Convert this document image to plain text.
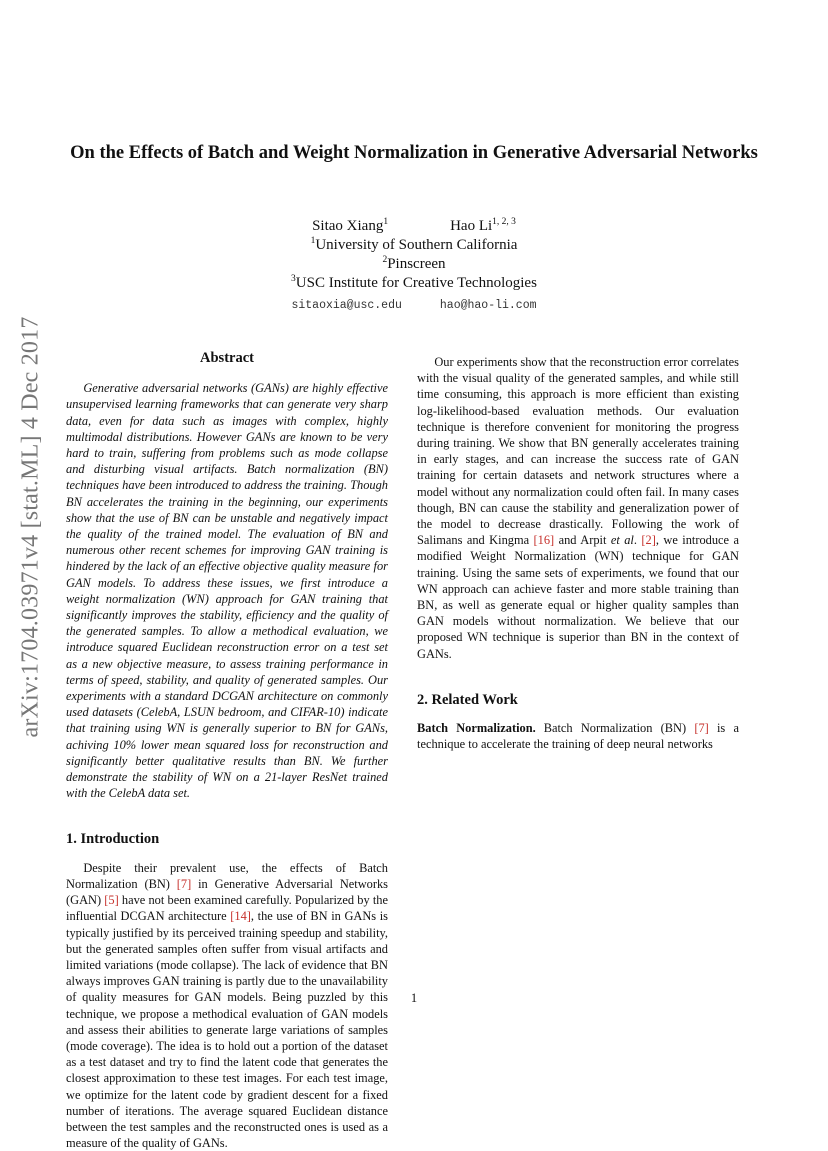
arXiv:1704.03971v4 [stat.ML] 4 Dec 2017
On the Effects of Batch and Weight Normalization in Generative Adversarial Networks
Sitao Xiang$^1$	Hao Li$^{1, 2, 3}$
$^1$University of Southern California
$^2$Pinscreen
$^3$USC Institute for Creative Technologies
sitaoxia@usc.edu	hao@hao-li.com
Abstract

Generative adversarial networks (GANs) are highly effective unsupervised learning frameworks that can generate very sharp data, even for data such as images with complex, highly multimodal distributions. However GANs are known to be very hard to train, suffering from problems such as mode collapse and disturbing visual artifacts. Batch normalization (BN) techniques have been introduced to address the training. Though BN accelerates the training in the beginning, our experiments show that the use of BN can be unstable and negatively impact the quality of the trained model. The evaluation of BN and numerous other recent schemes for improving GAN training is hindered by the lack of an effective objective quality measure for GAN models. To address these issues, we first introduce a weight normalization (WN) approach for GAN training that significantly improves the stability, efficiency and the quality of the generated samples. To allow a methodical evaluation, we introduce squared Euclidean reconstruction error on a test set as a new objective measure, to assess training performance in terms of speed, stability, and quality of generated samples. Our experiments with a standard DCGAN architecture on commonly used datasets (CelebA, LSUN bedroom, and CIFAR-10) indicate that training using WN is generally superior to BN for GANs, achiving 10% lower mean squared loss for reconstruction and significantly better qualitative results than BN. We further demonstrate the stability of WN on a 21-layer ResNet trained with the CelebA data set.

1. Introduction

Despite their prevalent use, the effects of Batch Normalization (BN) [7] in Generative Adversarial Networks (GAN) [5] have not been examined carefully. Popularized by the influential DCGAN architecture [14], the use of BN in GANs is typically justified by its perceived training speedup and stability, but the generated samples often suffer from visual artifacts and limited variations (mode collapse). The lack of evidence that BN always improves GAN training is partly due to the unavailability of quality measures for GAN models. Being puzzled by this technique, we propose a methodical evaluation of GAN models and assess their abilities to generate large variations of samples (mode coverage). The idea is to hold out a portion of the dataset as a test dataset and try to find the latent code that generates the closest approximation to these test images. For each test image, we optimize for the latent code by gradient descent for a fixed number of iterations. The average squared Euclidean distance between the test samples and the reconstructed ones is used as a measure of the quality of GANs.

Our experiments show that the reconstruction error correlates with the visual quality of the generated samples, and while still time consuming, this approach is more efficient than existing log-likelihood-based evaluation methods. Our evaluation technique is therefore convenient for monitoring the progress during training. We show that BN generally accelerates training in early stages, and can increase the success rate of GAN training for certain datasets and network structures where a model without any normalization could often fail. In many cases though, BN can cause the stability and generalization power of the model to decrease drastically. Following the work of Salimans and Kingma [16] and Arpit et al. [2], we introduce a modified Weight Normalization (WN) technique for GAN training. Using the same sets of experiments, we found that our WN approach can achieve faster and more stable training than BN, as well as generate equal or higher quality samples than GAN models without normalization. We believe that our proposed WN technique is superior than BN in the context of GANs.

2. Related Work

Batch Normalization. Batch Normalization (BN) [7] is a technique to accelerate the training of deep neural networks

1
